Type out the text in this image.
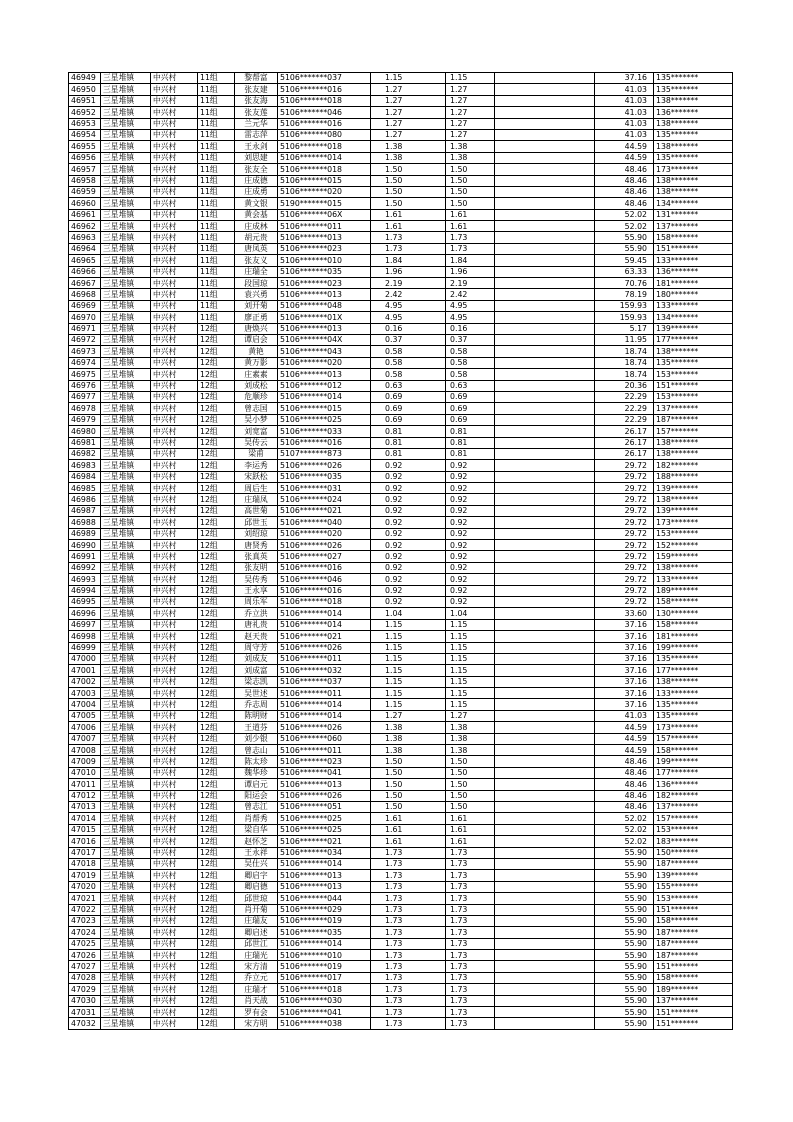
46949	三星堆镇	中兴村	11组	黎帮富	5106*******037	1.15	1.15		37.16	135*******
46950	三星堆镇	中兴村	11组	张友建	5106*******016	1.27	1.27		41.03	135*******
46951	三星堆镇	中兴村	11组	张友海	5106*******018	1.27	1.27		41.03	138*******
46952	三星堆镇	中兴村	11组	张友莲	5106*******046	1.27	1.27		41.03	136*******
46953	三星堆镇	中兴村	11组	兰元华	5106*******016	1.27	1.27		41.03	138*******
46954	三星堆镇	中兴村	11组	雷志萍	5106*******080	1.27	1.27		41.03	135*******
46955	三星堆镇	中兴村	11组	王永剑	5106*******018	1.38	1.38		44.59	138*******
46956	三星堆镇	中兴村	11组	刘思建	5106*******014	1.38	1.38		44.59	135*******
46957	三星堆镇	中兴村	11组	张友全	5106*******018	1.50	1.50		48.46	173*******
46958	三星堆镇	中兴村	11组	庄成德	5106*******015	1.50	1.50		48.46	138*******
46959	三星堆镇	中兴村	11组	庄成勇	5106*******020	1.50	1.50		48.46	138*******
46960	三星堆镇	中兴村	11组	黄文银	5190*******015	1.50	1.50		48.46	134*******
46961	三星堆镇	中兴村	11组	黄会基	5106*******06X	1.61	1.61		52.02	131*******
46962	三星堆镇	中兴村	11组	庄成林	5106*******011	1.61	1.61		52.02	137*******
46963	三星堆镇	中兴村	11组	胡元贵	5106*******013	1.73	1.73		55.90	158*******
46964	三星堆镇	中兴村	11组	唐凤英	5106*******023	1.73	1.73		55.90	151*******
46965	三星堆镇	中兴村	11组	张友义	5106*******010	1.84	1.84		59.45	133*******
46966	三星堆镇	中兴村	11组	庄瑞全	5106*******035	1.96	1.96		63.33	136*******
46967	三星堆镇	中兴村	11组	段国琼	5106*******023	2.19	2.19		70.76	181*******
46968	三星堆镇	中兴村	11组	袁兴勇	5106*******013	2.42	2.42		78.19	180*******
46969	三星堆镇	中兴村	11组	刘开菊	5106*******048	4.95	4.95		159.93	133*******
46970	三星堆镇	中兴村	11组	廖正勇	5106*******01X	4.95	4.95		159.93	134*******
46971	三星堆镇	中兴村	12组	唐焕兴	5106*******013	0.16	0.16		5.17	139*******
46972	三星堆镇	中兴村	12组	谭启会	5106*******04X	0.37	0.37		11.95	177*******
46973	三星堆镇	中兴村	12组	黄艳	5106*******043	0.58	0.58		18.74	138*******
46974	三星堆镇	中兴村	12组	黄万影	5106*******020	0.58	0.58		18.74	135*******
46975	三星堆镇	中兴村	12组	庄素素	5106*******013	0.58	0.58		18.74	153*******
46976	三星堆镇	中兴村	12组	刘成松	5106*******012	0.63	0.63		20.36	151*******
46977	三星堆镇	中兴村	12组	危顺珍	5106*******014	0.69	0.69		22.29	153*******
46978	三星堆镇	中兴村	12组	曾志国	5106*******015	0.69	0.69		22.29	137*******
46979	三星堆镇	中兴村	12组	吴小梦	5106*******025	0.69	0.69		22.29	187*******
46980	三星堆镇	中兴村	12组	刘宽富	5106*******033	0.81	0.81		26.17	157*******
46981	三星堆镇	中兴村	12组	吴传云	5106*******016	0.81	0.81		26.17	138*******
46982	三星堆镇	中兴村	12组	梁甫	5107*******873	0.81	0.81		26.17	138*******
46983	三星堆镇	中兴村	12组	李运秀	5106*******026	0.92	0.92		29.72	182*******
46984	三星堆镇	中兴村	12组	宋跃松	5106*******035	0.92	0.92		29.72	188*******
46985	三星堆镇	中兴村	12组	周后生	5106*******031	0.92	0.92		29.72	139*******
46986	三星堆镇	中兴村	12组	庄瑞凤	5106*******024	0.92	0.92		29.72	138*******
46987	三星堆镇	中兴村	12组	高世菊	5106*******021	0.92	0.92		29.72	139*******
46988	三星堆镇	中兴村	12组	邱世玉	5106*******040	0.92	0.92		29.72	173*******
46989	三星堆镇	中兴村	12组	刘绍琼	5106*******020	0.92	0.92		29.72	153*******
46990	三星堆镇	中兴村	12组	唐贤秀	5106*******026	0.92	0.92		29.72	152*******
46991	三星堆镇	中兴村	12组	张真英	5106*******027	0.92	0.92		29.72	159*******
46992	三星堆镇	中兴村	12组	张友明	5106*******016	0.92	0.92		29.72	138*******
46993	三星堆镇	中兴村	12组	吴传秀	5106*******046	0.92	0.92		29.72	133*******
46994	三星堆镇	中兴村	12组	王永享	5106*******016	0.92	0.92		29.72	189*******
46995	三星堆镇	中兴村	12组	周乐军	5106*******018	0.92	0.92		29.72	158*******
46996	三星堆镇	中兴村	12组	乔立洪	5106*******014	1.04	1.04		33.60	130*******
46997	三星堆镇	中兴村	12组	唐礼贵	5106*******014	1.15	1.15		37.16	158*******
46998	三星堆镇	中兴村	12组	赵天贵	5106*******021	1.15	1.15		37.16	181*******
46999	三星堆镇	中兴村	12组	周守芳	5106*******026	1.15	1.15		37.16	199*******
47000	三星堆镇	中兴村	12组	刘成友	5106*******011	1.15	1.15		37.16	135*******
47001	三星堆镇	中兴村	12组	刘成富	5106*******032	1.15	1.15		37.16	177*******
47002	三星堆镇	中兴村	12组	梁志凯	5106*******037	1.15	1.15		37.16	138*******
47003	三星堆镇	中兴村	12组	吴世述	5106*******011	1.15	1.15		37.16	133*******
47004	三星堆镇	中兴村	12组	乔志周	5106*******014	1.15	1.15		37.16	135*******
47005	三星堆镇	中兴村	12组	陈明财	5106*******014	1.27	1.27		41.03	135*******
47006	三星堆镇	中兴村	12组	王道芬	5106*******026	1.38	1.38		44.59	173*******
47007	三星堆镇	中兴村	12组	刘少银	5106*******060	1.38	1.38		44.59	157*******
47008	三星堆镇	中兴村	12组	曾志山	5106*******011	1.38	1.38		44.59	158*******
47009	三星堆镇	中兴村	12组	陈太珍	5106*******023	1.50	1.50		48.46	199*******
47010	三星堆镇	中兴村	12组	魏华珍	5106*******041	1.50	1.50		48.46	177*******
47011	三星堆镇	中兴村	12组	谭启元	5106*******013	1.50	1.50		48.46	136*******
47012	三星堆镇	中兴村	12组	阳运会	5106*******026	1.50	1.50		48.46	182*******
47013	三星堆镇	中兴村	12组	曾志江	5106*******051	1.50	1.50		48.46	137*******
47014	三星堆镇	中兴村	12组	肖帮秀	5106*******025	1.61	1.61		52.02	157*******
47015	三星堆镇	中兴村	12组	梁自华	5106*******025	1.61	1.61		52.02	153*******
47016	三星堆镇	中兴村	12组	赵怀芝	5106*******021	1.61	1.61		52.02	183*******
47017	三星堆镇	中兴村	12组	王永祥	5106*******034	1.73	1.73		55.90	150*******
47018	三星堆镇	中兴村	12组	吴仕兴	5106*******014	1.73	1.73		55.90	187*******
47019	三星堆镇	中兴村	12组	卿启字	5106*******013	1.73	1.73		55.90	139*******
47020	三星堆镇	中兴村	12组	卿启德	5106*******013	1.73	1.73		55.90	155*******
47021	三星堆镇	中兴村	12组	邱世琼	5106*******044	1.73	1.73		55.90	153*******
47022	三星堆镇	中兴村	12组	肖开菊	5106*******029	1.73	1.73		55.90	151*******
47023	三星堆镇	中兴村	12组	庄瑞友	5106*******019	1.73	1.73		55.90	158*******
47024	三星堆镇	中兴村	12组	卿启述	5106*******035	1.73	1.73		55.90	187*******
47025	三星堆镇	中兴村	12组	邱世江	5106*******014	1.73	1.73		55.90	187*******
47026	三星堆镇	中兴村	12组	庄瑞光	5106*******010	1.73	1.73		55.90	187*******
47027	三星堆镇	中兴村	12组	宋方清	5106*******019	1.73	1.73		55.90	151*******
47028	三星堆镇	中兴村	12组	乔立元	5106*******017	1.73	1.73		55.90	158*******
47029	三星堆镇	中兴村	12组	庄瑞才	5106*******018	1.73	1.73		55.90	189*******
47030	三星堆镇	中兴村	12组	肖天战	5106*******030	1.73	1.73		55.90	137*******
47031	三星堆镇	中兴村	12组	罗有会	5106*******041	1.73	1.73		55.90	151*******
47032	三星堆镇	中兴村	12组	宋方明	5106*******038	1.73	1.73		55.90	151*******
